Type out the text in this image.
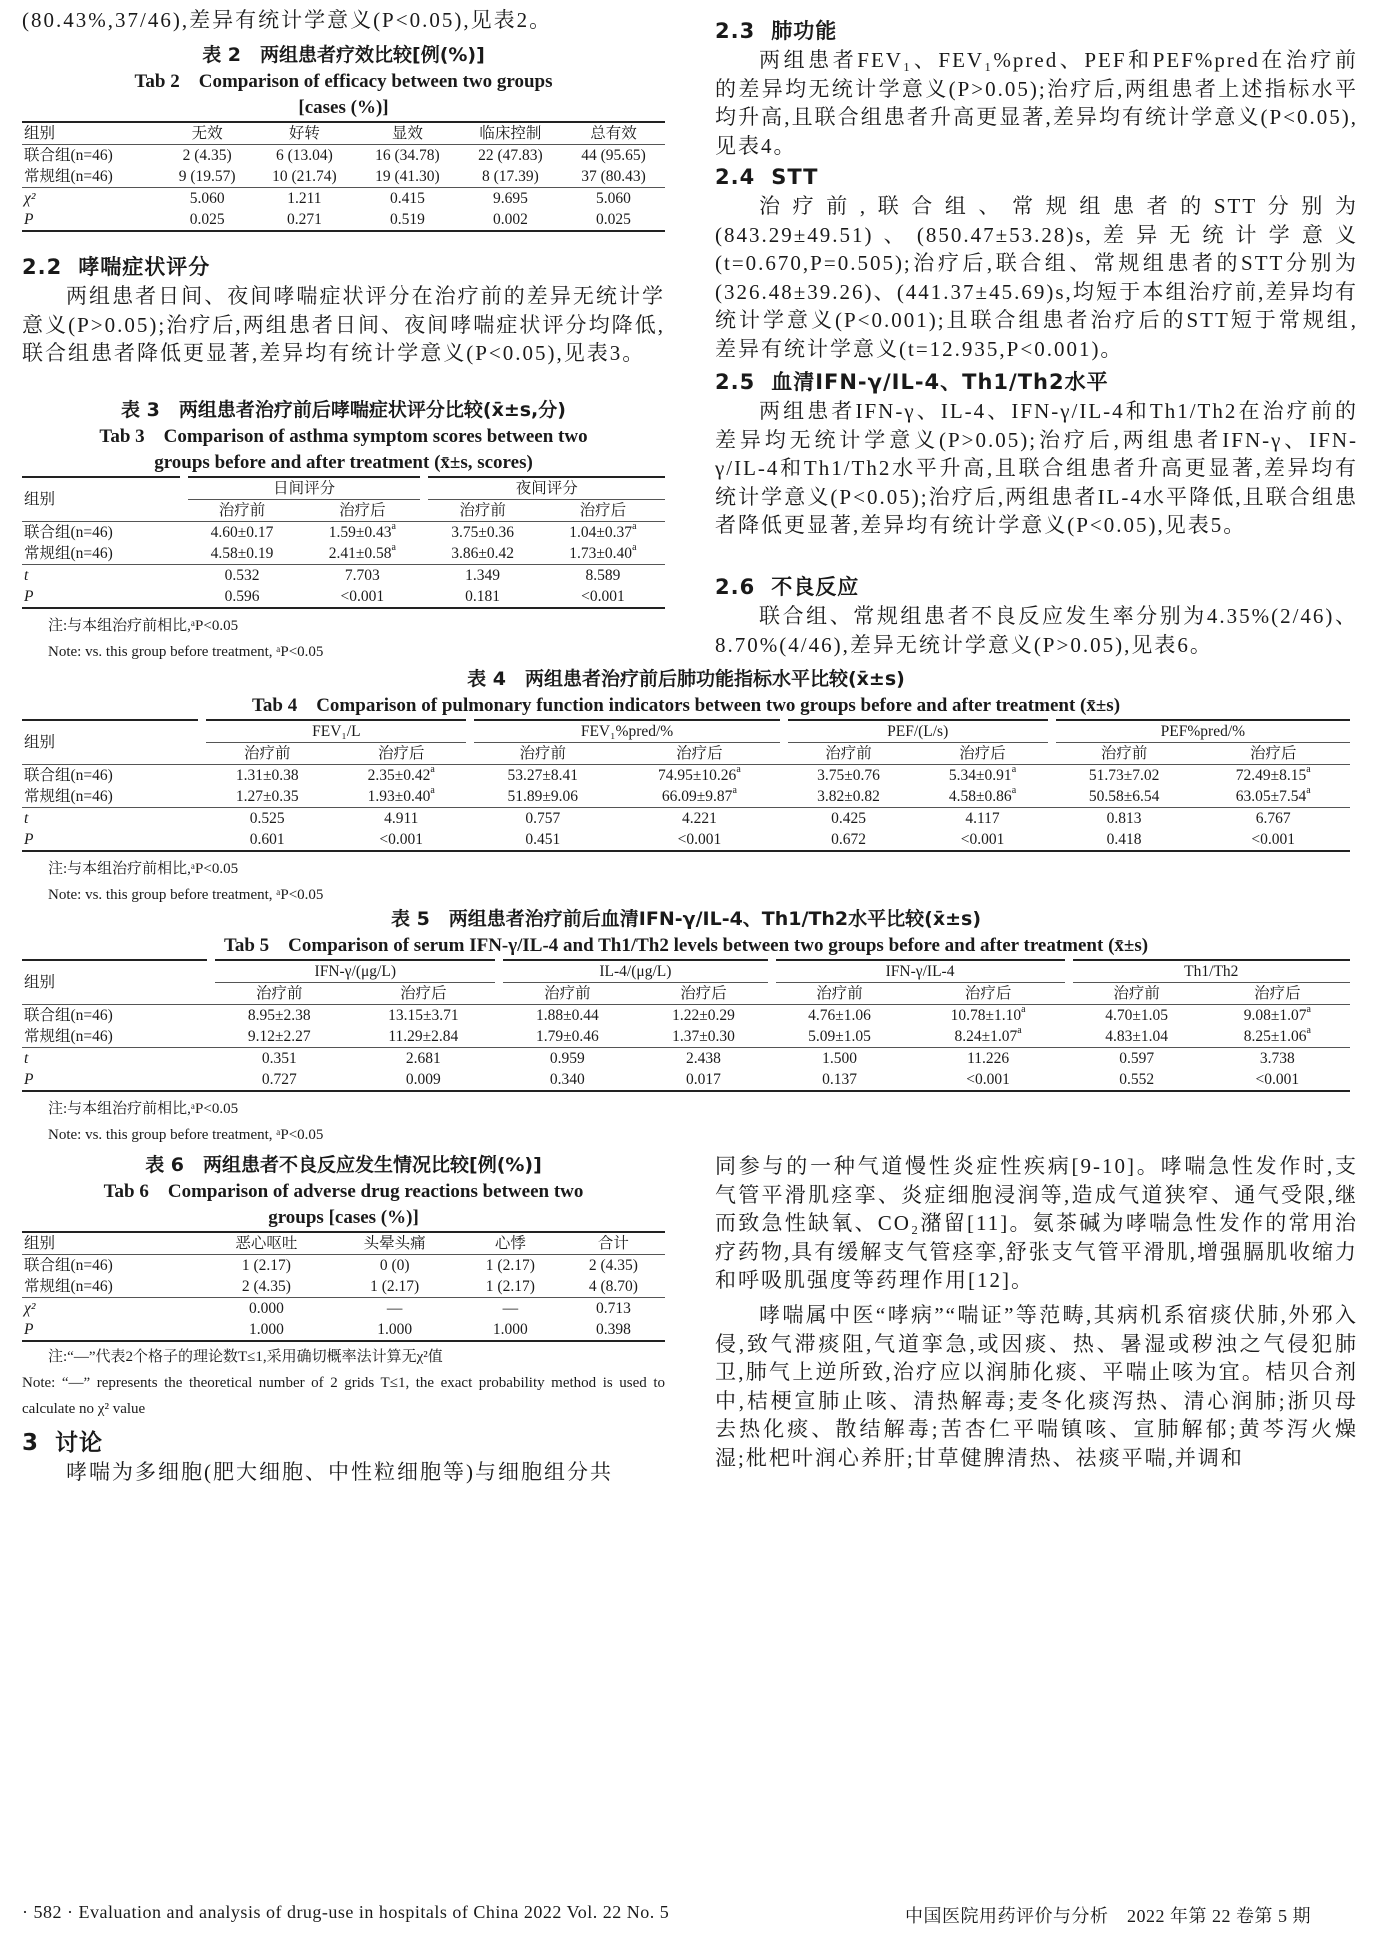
(80.43%,37/46),差异有统计学意义(P<0.05),见表2。
表 2　两组患者疗效比较[例(%)]
Tab 2　Comparison of efficacy between two groups
[cases (%)]
组别	无效	好转	显效	临床控制	总有效
联合组(n=46)	2 (4.35)	6 (13.04)	16 (34.78)	22 (47.83)	44 (95.65)
常规组(n=46)	9 (19.57)	10 (21.74)	19 (41.30)	8 (17.39)	37 (80.43)
χ²	5.060	1.211	0.415	9.695	5.060
P	0.025	0.271	0.519	0.002	0.025
2.2 哮喘症状评分
两组患者日间、夜间哮喘症状评分在治疗前的差异无统计学意义(P>0.05);治疗后,两组患者日间、夜间哮喘症状评分均降低,联合组患者降低更显著,差异均有统计学意义(P<0.05),见表3。
表 3　两组患者治疗前后哮喘症状评分比较(x̄±s,分)
Tab 3　Comparison of asthma symptom scores between two
groups before and after treatment (x̄±s, scores)
组别	日间评分		夜间评分	
	治疗前	治疗后	治疗前	治疗后
联合组(n=46)	4.60±0.17	1.59±0.43$^a$	3.75±0.36	1.04±0.37$^a$
常规组(n=46)	4.58±0.19	2.41±0.58$^a$	3.86±0.42	1.73±0.40$^a$
t	0.532	7.703	1.349	8.589
P	0.596	<0.001	0.181	<0.001
注:与本组治疗前相比,ᵃP<0.05
Note: vs. this group before treatment, ᵃP<0.05
2.3 肺功能
两组患者FEV₁、FEV₁%pred、PEF和PEF%pred在治疗前的差异均无统计学意义(P>0.05);治疗后,两组患者上述指标水平均升高,且联合组患者升高更显著,差异均有统计学意义(P<0.05),见表4。
2.4 STT
治疗前,联合组、常规组患者的STT分别为(843.29±49.51)、(850.47±53.28)s,差异无统计学意义(t=0.670,P=0.505);治疗后,联合组、常规组患者的STT分别为(326.48±39.26)、(441.37±45.69)s,均短于本组治疗前,差异均有统计学意义(P<0.001);且联合组患者治疗后的STT短于常规组,差异有统计学意义(t=12.935,P<0.001)。
2.5 血清IFN-γ/IL-4、Th1/Th2水平
两组患者IFN-γ、IL-4、IFN-γ/IL-4和Th1/Th2在治疗前的差异均无统计学意义(P>0.05);治疗后,两组患者IFN-γ、IFN-γ/IL-4和Th1/Th2水平升高,且联合组患者升高更显著,差异均有统计学意义(P<0.05);治疗后,两组患者IL-4水平降低,且联合组患者降低更显著,差异均有统计学意义(P<0.05),见表5。
2.6 不良反应
联合组、常规组患者不良反应发生率分别为4.35%(2/46)、8.70%(4/46),差异无统计学意义(P>0.05),见表6。
表 4　两组患者治疗前后肺功能指标水平比较(x̄±s)
Tab 4　Comparison of pulmonary function indicators between two groups before and after treatment (x̄±s)
组别	FEV₁/L		FEV₁%pred/%		PEF/(L/s)		PEF%pred/%	
	治疗前	治疗后	治疗前	治疗后	治疗前	治疗后	治疗前	治疗后
联合组(n=46)	1.31±0.38	2.35±0.42$^a$	53.27±8.41	74.95±10.26$^a$	3.75±0.76	5.34±0.91$^a$	51.73±7.02	72.49±8.15$^a$
常规组(n=46)	1.27±0.35	1.93±0.40$^a$	51.89±9.06	66.09±9.87$^a$	3.82±0.82	4.58±0.86$^a$	50.58±6.54	63.05±7.54$^a$
t	0.525	4.911	0.757	4.221	0.425	4.117	0.813	6.767
P	0.601	<0.001	0.451	<0.001	0.672	<0.001	0.418	<0.001
注:与本组治疗前相比,ᵃP<0.05
Note: vs. this group before treatment, ᵃP<0.05
表 5　两组患者治疗前后血清IFN-γ/IL-4、Th1/Th2水平比较(x̄±s)
Tab 5　Comparison of serum IFN-γ/IL-4 and Th1/Th2 levels between two groups before and after treatment (x̄±s)
组别	IFN-γ/(μg/L)		IL-4/(μg/L)		IFN-γ/IL-4		Th1/Th2	
	治疗前	治疗后	治疗前	治疗后	治疗前	治疗后	治疗前	治疗后
联合组(n=46)	8.95±2.38	13.15±3.71	1.88±0.44	1.22±0.29	4.76±1.06	10.78±1.10$^a$	4.70±1.05	9.08±1.07$^a$
常规组(n=46)	9.12±2.27	11.29±2.84	1.79±0.46	1.37±0.30	5.09±1.05	8.24±1.07$^a$	4.83±1.04	8.25±1.06$^a$
t	0.351	2.681	0.959	2.438	1.500	11.226	0.597	3.738
P	0.727	0.009	0.340	0.017	0.137	<0.001	0.552	<0.001
注:与本组治疗前相比,ᵃP<0.05
Note: vs. this group before treatment, ᵃP<0.05
表 6　两组患者不良反应发生情况比较[例(%)]
Tab 6　Comparison of adverse drug reactions between two
groups [cases (%)]
组别	恶心呕吐	头晕头痛	心悸	合计
联合组(n=46)	1 (2.17)	0 (0)	1 (2.17)	2 (4.35)
常规组(n=46)	2 (4.35)	1 (2.17)	1 (2.17)	4 (8.70)
χ²	0.000	—	—	0.713
P	1.000	1.000	1.000	0.398
注:“—”代表2个格子的理论数T≤1,采用确切概率法计算无χ²值
Note: “—” represents the theoretical number of 2 grids T≤1, the exact probability method is used to calculate no χ² value
3 讨论
哮喘为多细胞(肥大细胞、中性粒细胞等)与细胞组分共
同参与的一种气道慢性炎症性疾病[9-10]。哮喘急性发作时,支气管平滑肌痉挛、炎症细胞浸润等,造成气道狭窄、通气受限,继而致急性缺氧、CO₂潴留[11]。氨茶碱为哮喘急性发作的常用治疗药物,具有缓解支气管痉挛,舒张支气管平滑肌,增强膈肌收缩力和呼吸肌强度等药理作用[12]。
哮喘属中医“哮病”“喘证”等范畴,其病机系宿痰伏肺,外邪入侵,致气滞痰阻,气道挛急,或因痰、热、暑湿或秽浊之气侵犯肺卫,肺气上逆所致,治疗应以润肺化痰、平喘止咳为宜。桔贝合剂中,桔梗宣肺止咳、清热解毒;麦冬化痰泻热、清心润肺;浙贝母去热化痰、散结解毒;苦杏仁平喘镇咳、宣肺解郁;黄芩泻火燥湿;枇杷叶润心养肝;甘草健脾清热、祛痰平喘,并调和
· 582 · Evaluation and analysis of drug-use in hospitals of China 2022 Vol. 22 No. 5	中国医院用药评价与分析　2022 年第 22 卷第 5 期
